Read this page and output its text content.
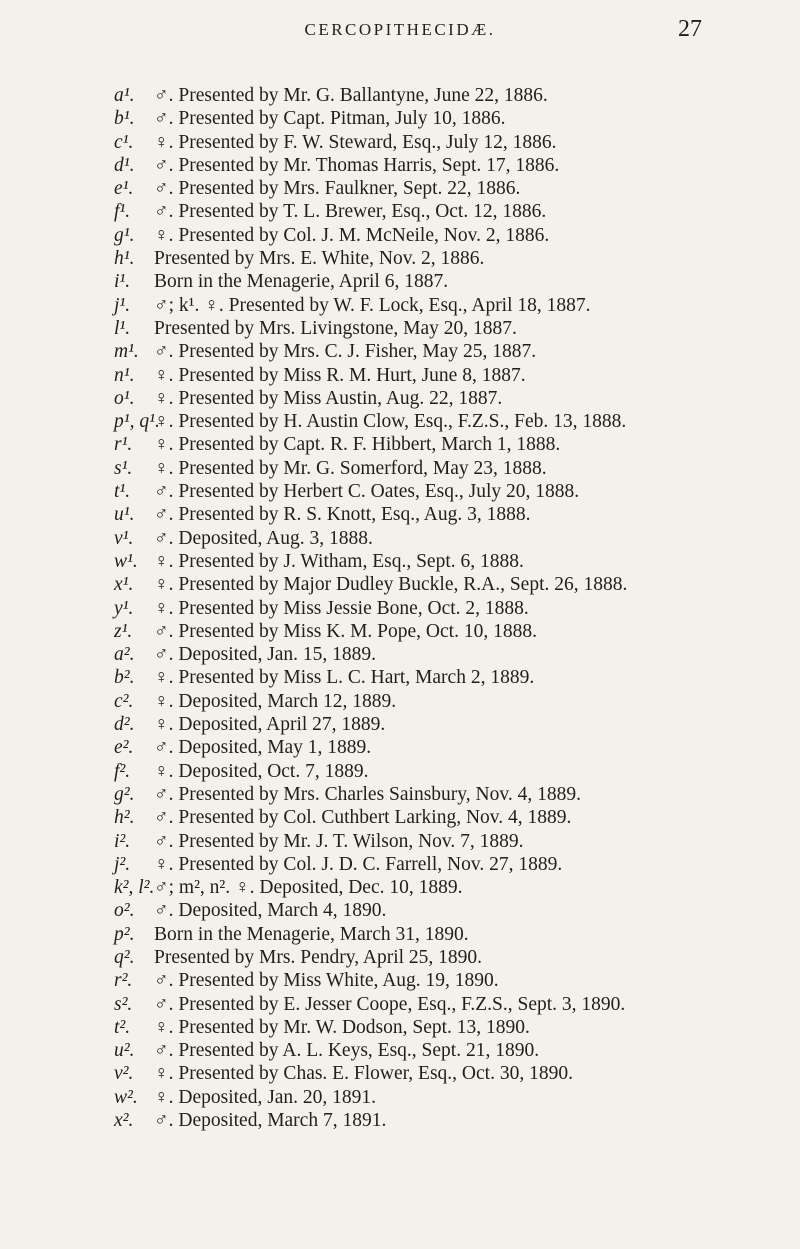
CERCOPITHECIDÆ.	27
a¹. ♂. Presented by Mr. G. Ballantyne, June 22, 1886.
b¹. ♂. Presented by Capt. Pitman, July 10, 1886.
c¹. ♀. Presented by F. W. Steward, Esq., July 12, 1886.
d¹. ♂. Presented by Mr. Thomas Harris, Sept. 17, 1886.
e¹. ♂. Presented by Mrs. Faulkner, Sept. 22, 1886.
f¹. ♂. Presented by T. L. Brewer, Esq., Oct. 12, 1886.
g¹. ♀. Presented by Col. J. M. McNeile, Nov. 2, 1886.
h¹. Presented by Mrs. E. White, Nov. 2, 1886.
i¹. Born in the Menagerie, April 6, 1887.
j¹. ♂; k¹. ♀. Presented by W. F. Lock, Esq., April 18, 1887.
l¹. Presented by Mrs. Livingstone, May 20, 1887.
m¹. ♂. Presented by Mrs. C. J. Fisher, May 25, 1887.
n¹. ♀. Presented by Miss R. M. Hurt, June 8, 1887.
o¹. ♀. Presented by Miss Austin, Aug. 22, 1887.
p¹, q¹.
♀. Presented by H. Austin Clow, Esq., F.Z.S., Feb. 13, 1888.
r¹. ♀. Presented by Capt. R. F. Hibbert, March 1, 1888.
s¹. ♀. Presented by Mr. G. Somerford, May 23, 1888.
t¹. ♂. Presented by Herbert C. Oates, Esq., July 20, 1888.
u¹. ♂. Presented by R. S. Knott, Esq., Aug. 3, 1888.
v¹. ♂. Deposited, Aug. 3, 1888.
w¹. ♀. Presented by J. Witham, Esq., Sept. 6, 1888.
x¹. ♀. Presented by Major Dudley Buckle, R.A., Sept. 26, 1888.
y¹. ♀. Presented by Miss Jessie Bone, Oct. 2, 1888.
z¹. ♂. Presented by Miss K. M. Pope, Oct. 10, 1888.
a². ♂. Deposited, Jan. 15, 1889.
b². ♀. Presented by Miss L. C. Hart, March 2, 1889.
c². ♀. Deposited, March 12, 1889.
d². ♀. Deposited, April 27, 1889.
e². ♂. Deposited, May 1, 1889.
f². ♀. Deposited, Oct. 7, 1889.
g². ♂. Presented by Mrs. Charles Sainsbury, Nov. 4, 1889.
h². ♂. Presented by Col. Cuthbert Larking, Nov. 4, 1889.
i². ♂. Presented by Mr. J. T. Wilson, Nov. 7, 1889.
j². ♀. Presented by Col. J. D. C. Farrell, Nov. 27, 1889.
k², l². ♂; m², n². ♀. Deposited, Dec. 10, 1889.
o². ♂. Deposited, March 4, 1890.
p². Born in the Menagerie, March 31, 1890.
q². Presented by Mrs. Pendry, April 25, 1890.
r². ♂. Presented by Miss White, Aug. 19, 1890.
s². ♂. Presented by E. Jesser Coope, Esq., F.Z.S., Sept. 3, 1890.
t². ♀. Presented by Mr. W. Dodson, Sept. 13, 1890.
u². ♂. Presented by A. L. Keys, Esq., Sept. 21, 1890.
v². ♀. Presented by Chas. E. Flower, Esq., Oct. 30, 1890.
w². ♀. Deposited, Jan. 20, 1891.
x². ♂. Deposited, March 7, 1891.
